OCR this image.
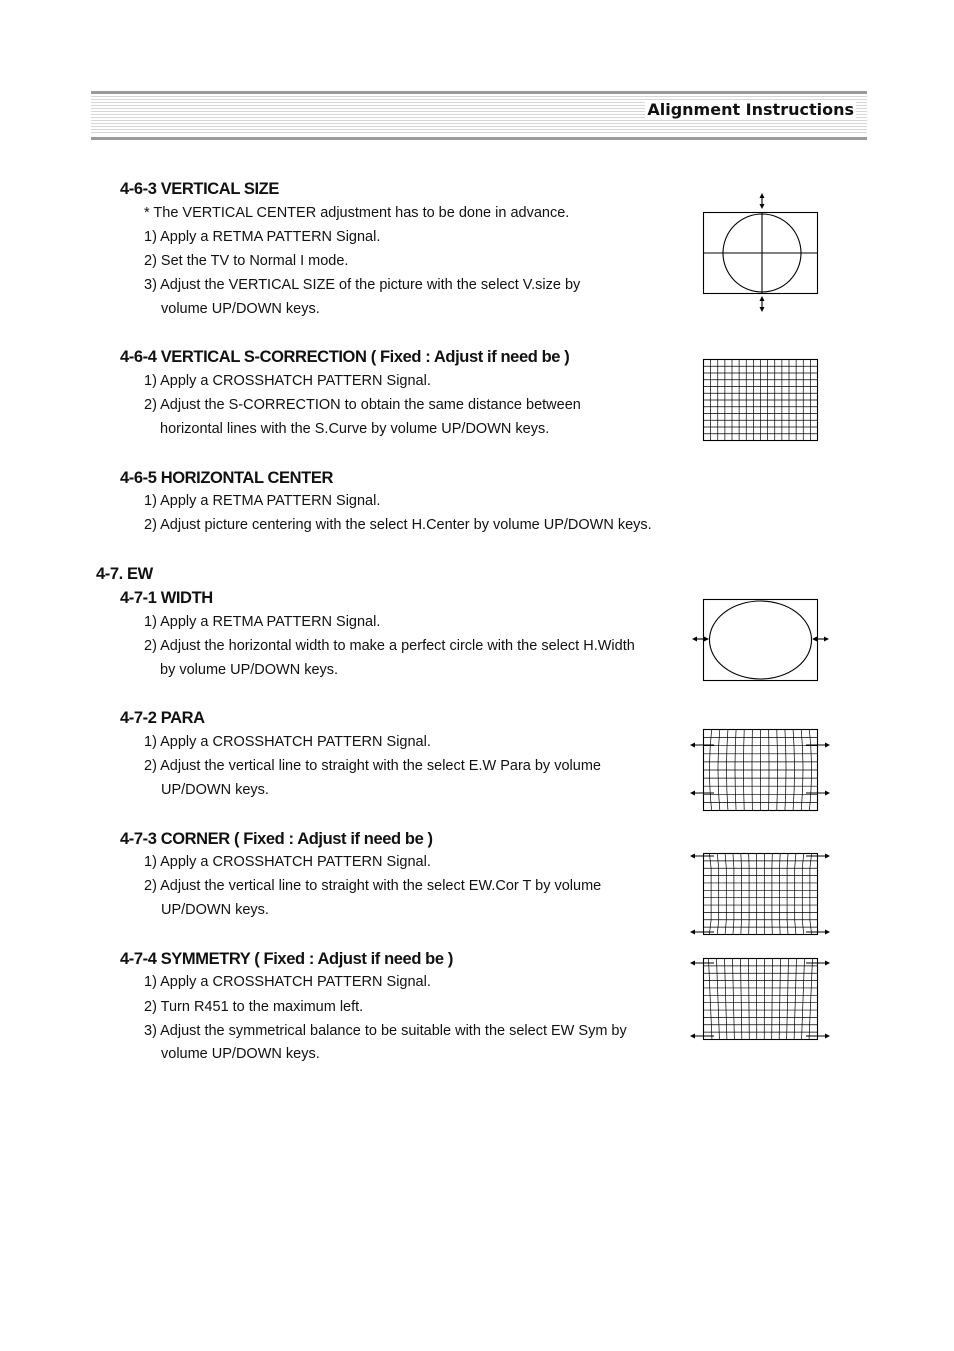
Alignment Instructions
4-6-3 VERTICAL SIZE
* The VERTICAL CENTER adjustment has to be done in advance.
1) Apply a RETMA PATTERN Signal.
2) Set the TV to Normal I mode.
3) Adjust the VERTICAL SIZE of the picture with the select V.size by
volume UP/DOWN keys.
4-6-4 VERTICAL S-CORRECTION ( Fixed : Adjust if need be )
1) Apply a CROSSHATCH PATTERN Signal.
2) Adjust the S-CORRECTION to obtain the same distance between
horizontal lines with the S.Curve by volume UP/DOWN keys.
4-6-5 HORIZONTAL CENTER
1) Apply a RETMA PATTERN Signal.
2) Adjust picture centering with the select H.Center by volume UP/DOWN keys.
4-7. EW
4-7-1 WIDTH
1) Apply a RETMA PATTERN Signal.
2) Adjust the horizontal width to make a perfect circle with the select H.Width
by volume UP/DOWN keys.
4-7-2 PARA
1) Apply a CROSSHATCH PATTERN Signal.
2) Adjust the vertical line to straight with the select E.W Para by volume
UP/DOWN keys.
4-7-3 CORNER ( Fixed : Adjust if need be )
1) Apply a CROSSHATCH PATTERN Signal.
2) Adjust the vertical line to straight with the select EW.Cor T by volume
UP/DOWN keys.
4-7-4 SYMMETRY ( Fixed : Adjust if need be )
1) Apply a CROSSHATCH PATTERN Signal.
2) Turn R451 to the maximum left.
3) Adjust the symmetrical balance to be suitable with the select EW Sym by
volume UP/DOWN keys.
